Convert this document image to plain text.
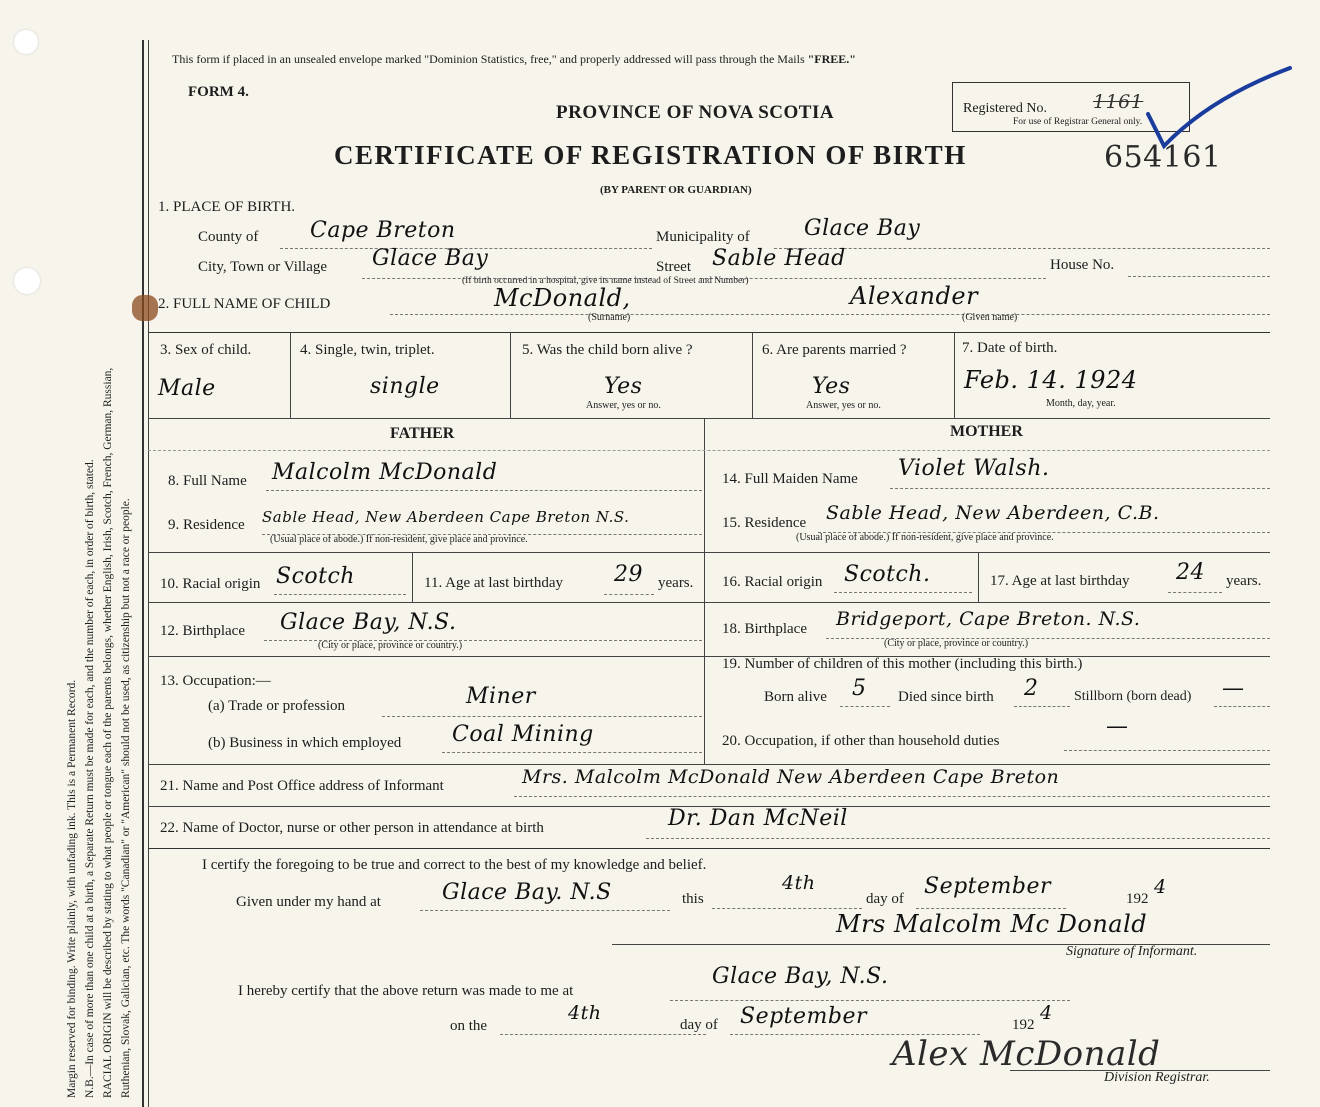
Margin reserved for binding. Write plainly, with unfading ink. This is a Permanent Record. N.B.—In case of more than one child at a birth, a Separate Return must be made for each, and the number of each, in order of birth, stated. RACIAL ORIGIN will be described by stating to what people or tongue each of the parents belongs, whether English, Irish, Scotch, French, German, Russian, Ruthenian, Slovak, Galician, etc. The words "Canadian" or "American" should not be used, as citizenship but not a race or people.
This form if placed in an unsealed envelope marked "Dominion Statistics, free," and properly addressed will pass through the Mails "FREE."
FORM 4.
PROVINCE OF NOVA SCOTIA	Registered No. 1161
For use of Registrar General only.
CERTIFICATE OF REGISTRATION OF BIRTH	654161
(BY PARENT OR GUARDIAN)
1. PLACE OF BIRTH.
County of Cape Breton	Municipality of Glace Bay
City, Town or Village Glace Bay	Street Sable Head	House No.
(If birth occurred in a hospital, give its name instead of Street and Number)
2. FULL NAME OF CHILD	McDonald,	Alexander
(Surname)	(Given name)
3. Sex of child.
Male
4. Single, twin, triplet.
single
5. Was the child born alive ?
Yes
Answer, yes or no.
6. Are parents married ?
Yes
Answer, yes or no.
7. Date of birth.
Feb. 14. 1924
Month, day, year.
FATHER	MOTHER
8. Full Name Malcolm McDonald
9. Residence Sable Head, New Aberdeen Cape Breton N.S.
(Usual place of abode.) If non-resident, give place and province.
10. Racial origin Scotch	11. Age at last birthday 29 years.
12. Birthplace Glace Bay, N.S.
(City or place, province or country.)
13. Occupation:—
(a) Trade or profession	Miner
(b) Business in which employed Coal Mining
14. Full Maiden Name Violet Walsh.
15. Residence Sable Head, New Aberdeen, C.B.
(Usual place of abode.) If non-resident, give place and province.
16. Racial origin Scotch.	17. Age at last birthday 24 years.
18. Birthplace Bridgeport, Cape Breton. N.S.
(City or place, province or country.)
19. Number of children of this mother (including this birth.)
Born alive 5 Died since birth 2	Stillborn (born dead) —
20. Occupation, if other than household duties
—
21. Name and Post Office address of Informant	Mrs. Malcolm McDonald New Aberdeen Cape Breton
22. Name of Doctor, nurse or other person in attendance at birth	Dr. Dan McNeil
I certify the foregoing to be true and correct to the best of my knowledge and belief.
Given under my hand at	Glace Bay. N.S	this
4th
day of September	192
4
Mrs Malcolm Mc Donald
Signature of Informant.
I hereby certify that the above return was made to me at
Glace Bay, N.S.
on the
4th
day of September	192
4
Alex McDonald
Division Registrar.
